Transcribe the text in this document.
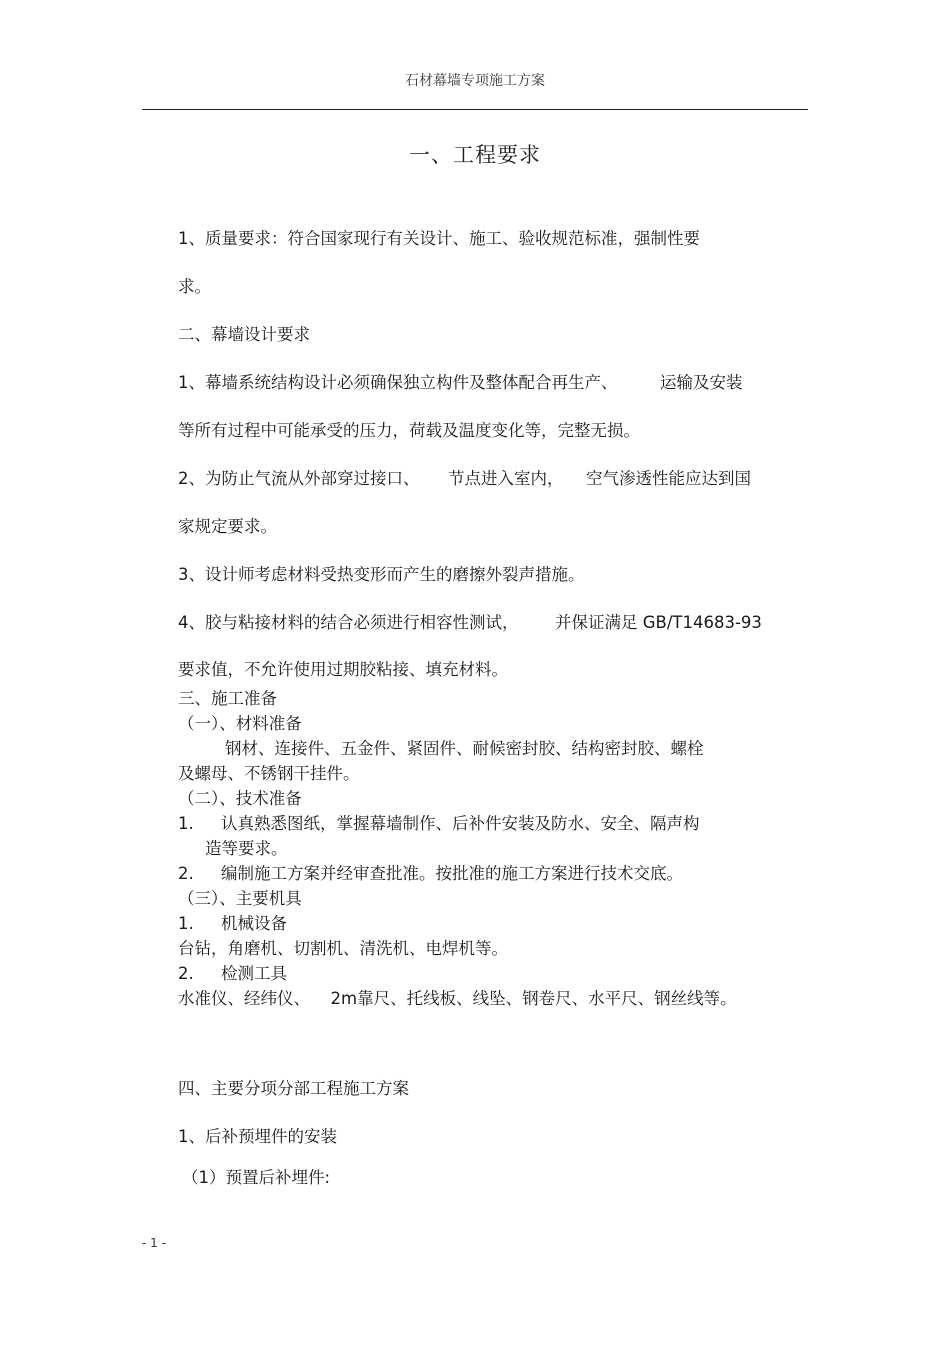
石材幕墙专项施工方案
一、工程要求
1、质量要求：符合国家现行有关设计、施工、验收规范标准，强制性要
求。
二、幕墙设计要求
1、幕墙系统结构设计必须确保独立构件及整体配合再生产、	运输及安装
等所有过程中可能承受的压力，荷载及温度变化等，完整无损。
2、为防止气流从外部穿过接口、 节点进入室内， 空气渗透性能应达到国
家规定要求。
3、设计师考虑材料受热变形而产生的磨擦外裂声措施。
4、胶与粘接材料的结合必须进行相容性测试， 并保证满足 GB/T14683-93
要求值，不允许使用过期胶粘接、填充材料。
三、施工准备
（一）、材料准备
钢材、连接件、五金件、紧固件、耐候密封胶、结构密封胶、螺栓
及螺母、不锈钢干挂件。
（二）、技术准备
1. 认真熟悉图纸，掌握幕墙制作、后补件安装及防水、安全、隔声构
造等要求。
2. 编制施工方案并经审查批准。按批准的施工方案进行技术交底。
（三）、主要机具
1. 机械设备
台钻，角磨机、切割机、清洗机、电焊机等。
2. 检测工具
水准仪、经纬仪、 2m靠尺、托线板、线坠、钢卷尺、水平尺、钢丝线等。
四、主要分项分部工程施工方案
1、后补预埋件的安装
（1）预置后补埋件:
- 1 -
